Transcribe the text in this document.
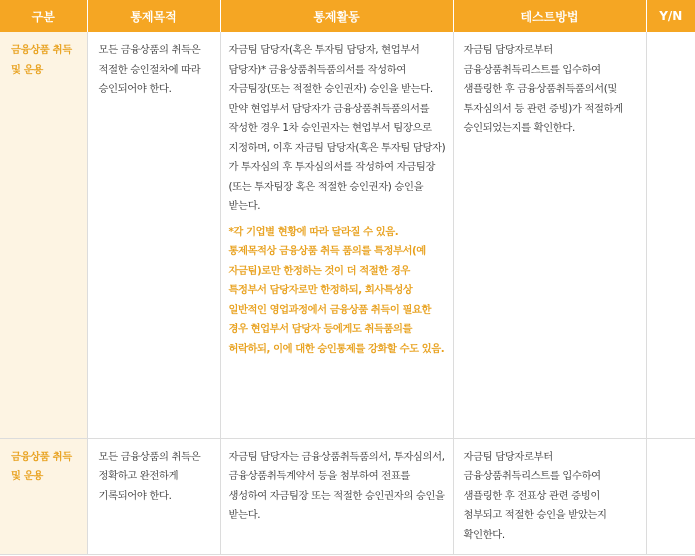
구분	통제목적	통제활동	테스트방법	Y/N
금융상품 취득 및 운용	모든 금융상품의 취득은 적절한 승인절차에 따라 승인되어야 한다.	자금팀 담당자(혹은 투자팀 담당자, 현업부서 담당자)* 금융상품취득품의서를 작성하여 자금팀장(또는 적절한 승인권자) 승인을 받는다.

만약 현업부서 담당자가 금융상품취득품의서를 작성한 경우 1차 승인권자는 현업부서 팀장으로 지정하며, 이후 자금팀 담당자(혹은 투자팀 담당자)가 투자심의 후 투자심의서를 작성하여 자금팀장(또는 투자팀장 혹은 적절한 승인권자) 승인을 받는다.

*각 기업별 현황에 따라 달라질 수 있음. 통제목적상 금융상품 취득 품의를 특정부서(예 자금팀)로만 한정하는 것이 더 적절한 경우 특정부서 담당자로만 한정하되, 회사특성상 일반적인 영업과정에서 금융상품 취득이 필요한 경우 현업부서 담당자 등에게도 취득품의를 허락하되, 이에 대한 승인통제를 강화할 수도 있음.	자금팀 담당자로부터 금융상품취득리스트를 입수하여 샘플링한 후 금융상품취득품의서(및 투자심의서 등 관련 증빙)가 적절하게 승인되었는지를 확인한다.	
금융상품 취득 및 운용	모든 금융상품의 취득은 정확하고 완전하게 기록되어야 한다.	자금팀 담당자는 금융상품취득품의서, 투자심의서, 금융상품취득계약서 등을 첨부하여 전표를 생성하여 자금팀장 또는 적절한 승인권자의 승인을 받는다.	자금팀 담당자로부터 금융상품취득리스트를 입수하여 샘플링한 후 전표상 관련 증빙이 첨부되고 적절한 승인을 받았는지 확인한다.	
